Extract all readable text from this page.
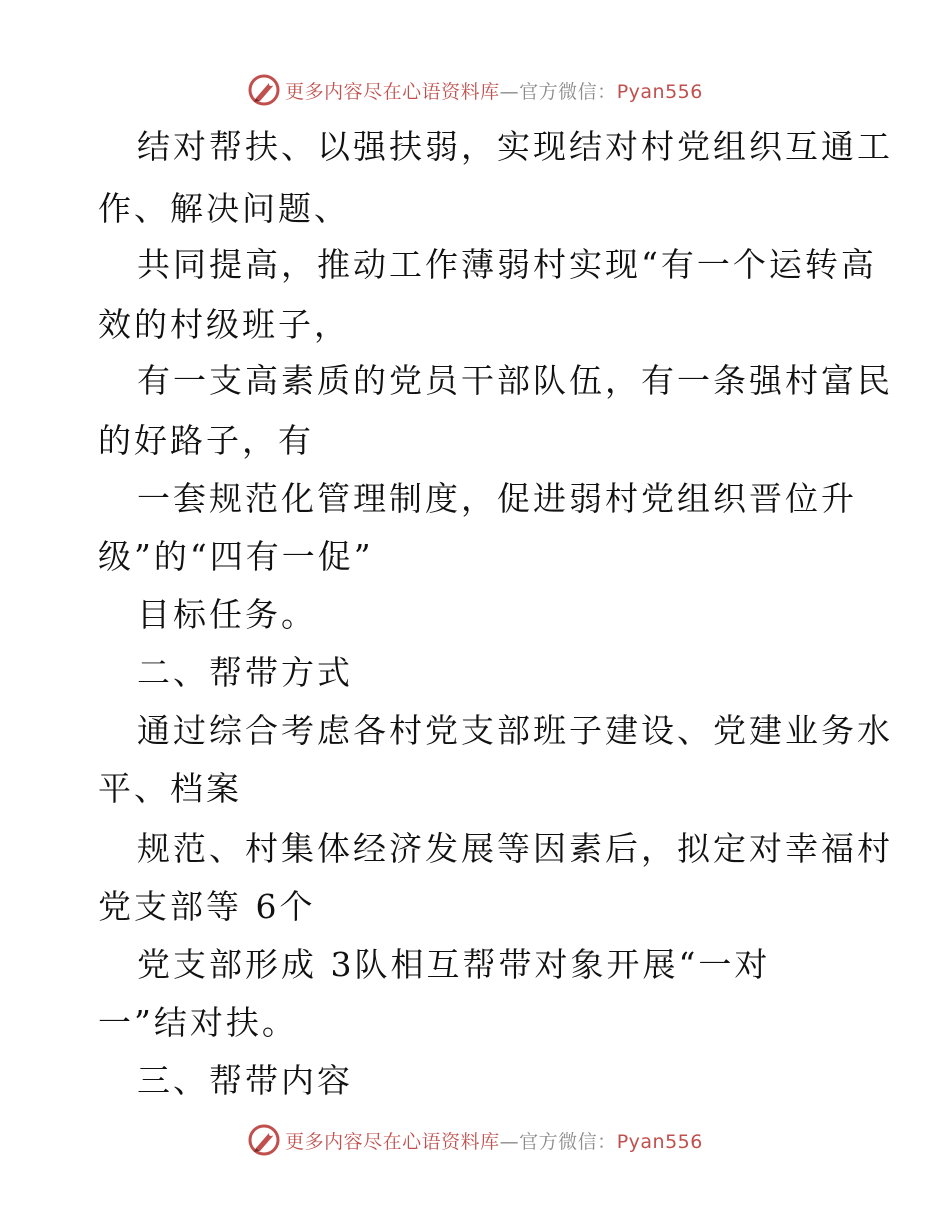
更多内容尽在心语资料库—官方微信：Pyan556
结对帮扶、以强扶弱，实现结对村党组织互通工
作、解决问题、
共同提高，推动工作薄弱村实现“有一个运转高
效的村级班子，
有一支高素质的党员干部队伍，有一条强村富民
的好路子，有
一套规范化管理制度，促进弱村党组织晋位升
级”的“四有一促”
目标任务。
二、帮带方式
通过综合考虑各村党支部班子建设、党建业务水
平、档案
规范、村集体经济发展等因素后，拟定对幸福村
党支部等 6个
党支部形成 3队相互帮带对象开展“一对
一”结对扶。
三、帮带内容
更多内容尽在心语资料库—官方微信：Pyan556
